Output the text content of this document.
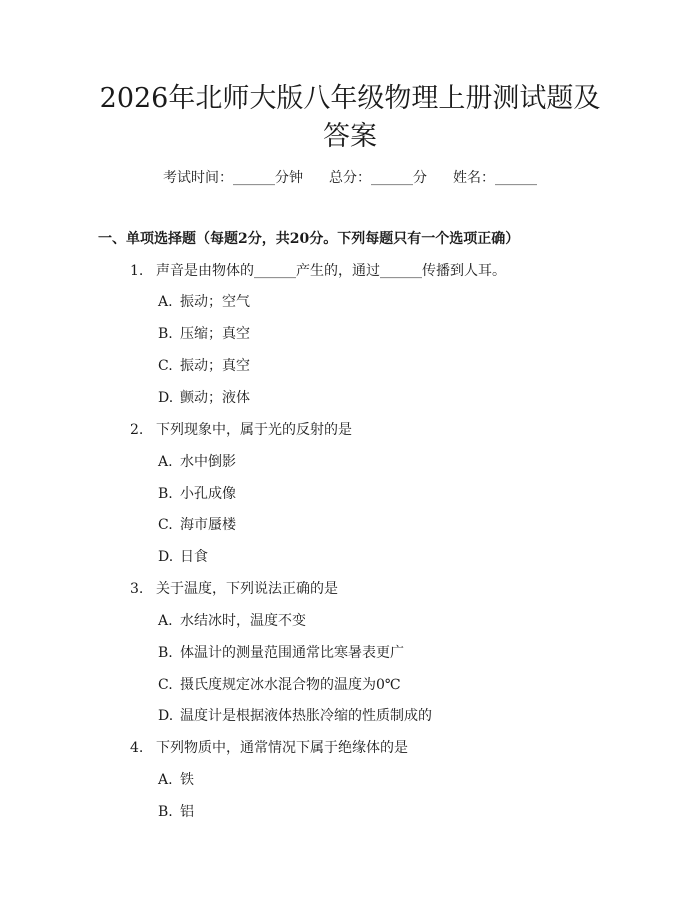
2026年北师大版八年级物理上册测试题及答案
考试时间：______分钟 总分：______分 姓名：______
一、单项选择题（每题2分，共20分。下列每题只有一个选项正确）
1. 声音是由物体的______产生的，通过______传播到人耳。
A. 振动；空气
B. 压缩；真空
C. 振动；真空
D. 颤动；液体
2. 下列现象中，属于光的反射的是
A. 水中倒影
B. 小孔成像
C. 海市蜃楼
D. 日食
3. 关于温度，下列说法正确的是
A. 水结冰时，温度不变
B. 体温计的测量范围通常比寒暑表更广
C. 摄氏度规定冰水混合物的温度为0℃
D. 温度计是根据液体热胀冷缩的性质制成的
4. 下列物质中，通常情况下属于绝缘体的是
A. 铁
B. 铝
